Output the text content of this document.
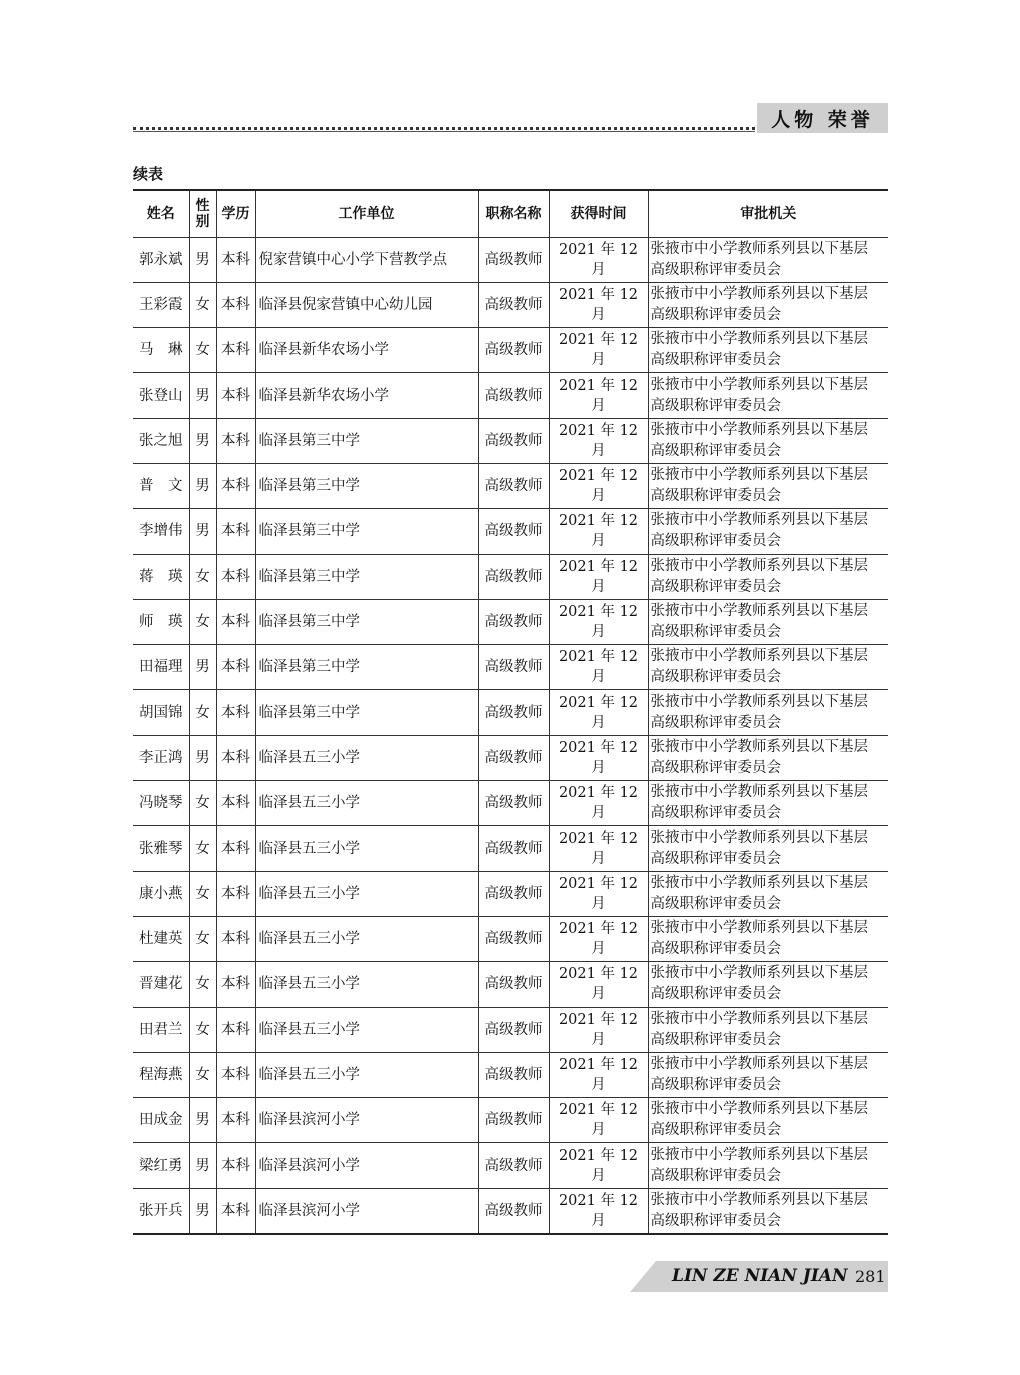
人物 荣誉
续表
姓名	性别	学历	工作单位	职称名称	获得时间	审批机关
郭永斌	男	本科	倪家营镇中心小学下营教学点	高级教师	2021 年 12 月	张掖市中小学教师系列县以下基层
高级职称评审委员会

王彩霞	女	本科	临泽县倪家营镇中心幼儿园	高级教师	2021 年 12 月	张掖市中小学教师系列县以下基层
高级职称评审委员会

马　琳	女	本科	临泽县新华农场小学	高级教师	2021 年 12 月	张掖市中小学教师系列县以下基层
高级职称评审委员会

张登山	男	本科	临泽县新华农场小学	高级教师	2021 年 12 月	张掖市中小学教师系列县以下基层
高级职称评审委员会

张之旭	男	本科	临泽县第三中学	高级教师	2021 年 12 月	张掖市中小学教师系列县以下基层
高级职称评审委员会

普　文	男	本科	临泽县第三中学	高级教师	2021 年 12 月	张掖市中小学教师系列县以下基层
高级职称评审委员会

李增伟	男	本科	临泽县第三中学	高级教师	2021 年 12 月	张掖市中小学教师系列县以下基层
高级职称评审委员会

蒋　瑛	女	本科	临泽县第三中学	高级教师	2021 年 12 月	张掖市中小学教师系列县以下基层
高级职称评审委员会

师　瑛	女	本科	临泽县第三中学	高级教师	2021 年 12 月	张掖市中小学教师系列县以下基层
高级职称评审委员会

田福理	男	本科	临泽县第三中学	高级教师	2021 年 12 月	张掖市中小学教师系列县以下基层
高级职称评审委员会

胡国锦	女	本科	临泽县第三中学	高级教师	2021 年 12 月	张掖市中小学教师系列县以下基层
高级职称评审委员会

李正鸿	男	本科	临泽县五三小学	高级教师	2021 年 12 月	张掖市中小学教师系列县以下基层
高级职称评审委员会

冯晓琴	女	本科	临泽县五三小学	高级教师	2021 年 12 月	张掖市中小学教师系列县以下基层
高级职称评审委员会

张雅琴	女	本科	临泽县五三小学	高级教师	2021 年 12 月	张掖市中小学教师系列县以下基层
高级职称评审委员会

康小燕	女	本科	临泽县五三小学	高级教师	2021 年 12 月	张掖市中小学教师系列县以下基层
高级职称评审委员会

杜建英	女	本科	临泽县五三小学	高级教师	2021 年 12 月	张掖市中小学教师系列县以下基层
高级职称评审委员会

晋建花	女	本科	临泽县五三小学	高级教师	2021 年 12 月	张掖市中小学教师系列县以下基层
高级职称评审委员会

田君兰	女	本科	临泽县五三小学	高级教师	2021 年 12 月	张掖市中小学教师系列县以下基层
高级职称评审委员会

程海燕	女	本科	临泽县五三小学	高级教师	2021 年 12 月	张掖市中小学教师系列县以下基层
高级职称评审委员会

田成金	男	本科	临泽县滨河小学	高级教师	2021 年 12 月	张掖市中小学教师系列县以下基层
高级职称评审委员会

梁红勇	男	本科	临泽县滨河小学	高级教师	2021 年 12 月	张掖市中小学教师系列县以下基层
高级职称评审委员会

张开兵	男	本科	临泽县滨河小学	高级教师	2021 年 12 月	张掖市中小学教师系列县以下基层
高级职称评审委员会
LIN ZE NIAN JIAN 281
